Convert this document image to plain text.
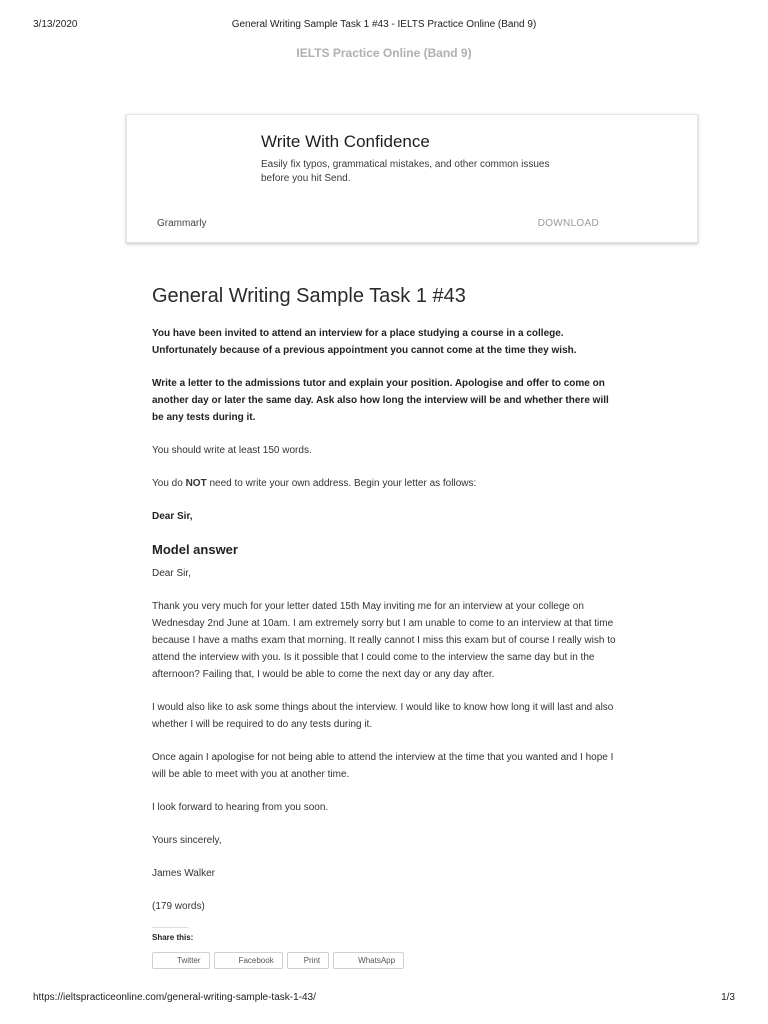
3/13/2020	General Writing Sample Task 1 #43 - IELTS Practice Online (Band 9)
IELTS Practice Online (Band 9)
Write With Confidence
Easily fix typos, grammatical mistakes, and other common issues before you hit Send.
Grammarly	DOWNLOAD
General Writing Sample Task 1 #43

You have been invited to attend an interview for a place studying a course in a college. Unfortunately because of a previous appointment you cannot come at the time they wish.

Write a letter to the admissions tutor and explain your position. Apologise and offer to come on another day or later the same day. Ask also how long the interview will be and whether there will be any tests during it.

You should write at least 150 words.

You do NOT need to write your own address. Begin your letter as follows:

Dear Sir,

Model answer

Dear Sir,

Thank you very much for your letter dated 15th May inviting me for an interview at your college on Wednesday 2nd June at 10am. I am extremely sorry but I am unable to come to an interview at that time because I have a maths exam that morning. It really cannot I miss this exam but of course I really wish to attend the interview with you. Is it possible that I could come to the interview the same day but in the afternoon? Failing that, I would be able to come the next day or any day after.

I would also like to ask some things about the interview. I would like to know how long it will last and also whether I will be required to do any tests during it.

Once again I apologise for not being able to attend the interview at the time that you wanted and I hope I will be able to meet with you at another time.

I look forward to hearing from you soon.

Yours sincerely,

James Walker

(179 words)

Share this:
Twitter	Facebook	Print	WhatsApp
https://ieltspracticeonline.com/general-writing-sample-task-1-43/	1/3
